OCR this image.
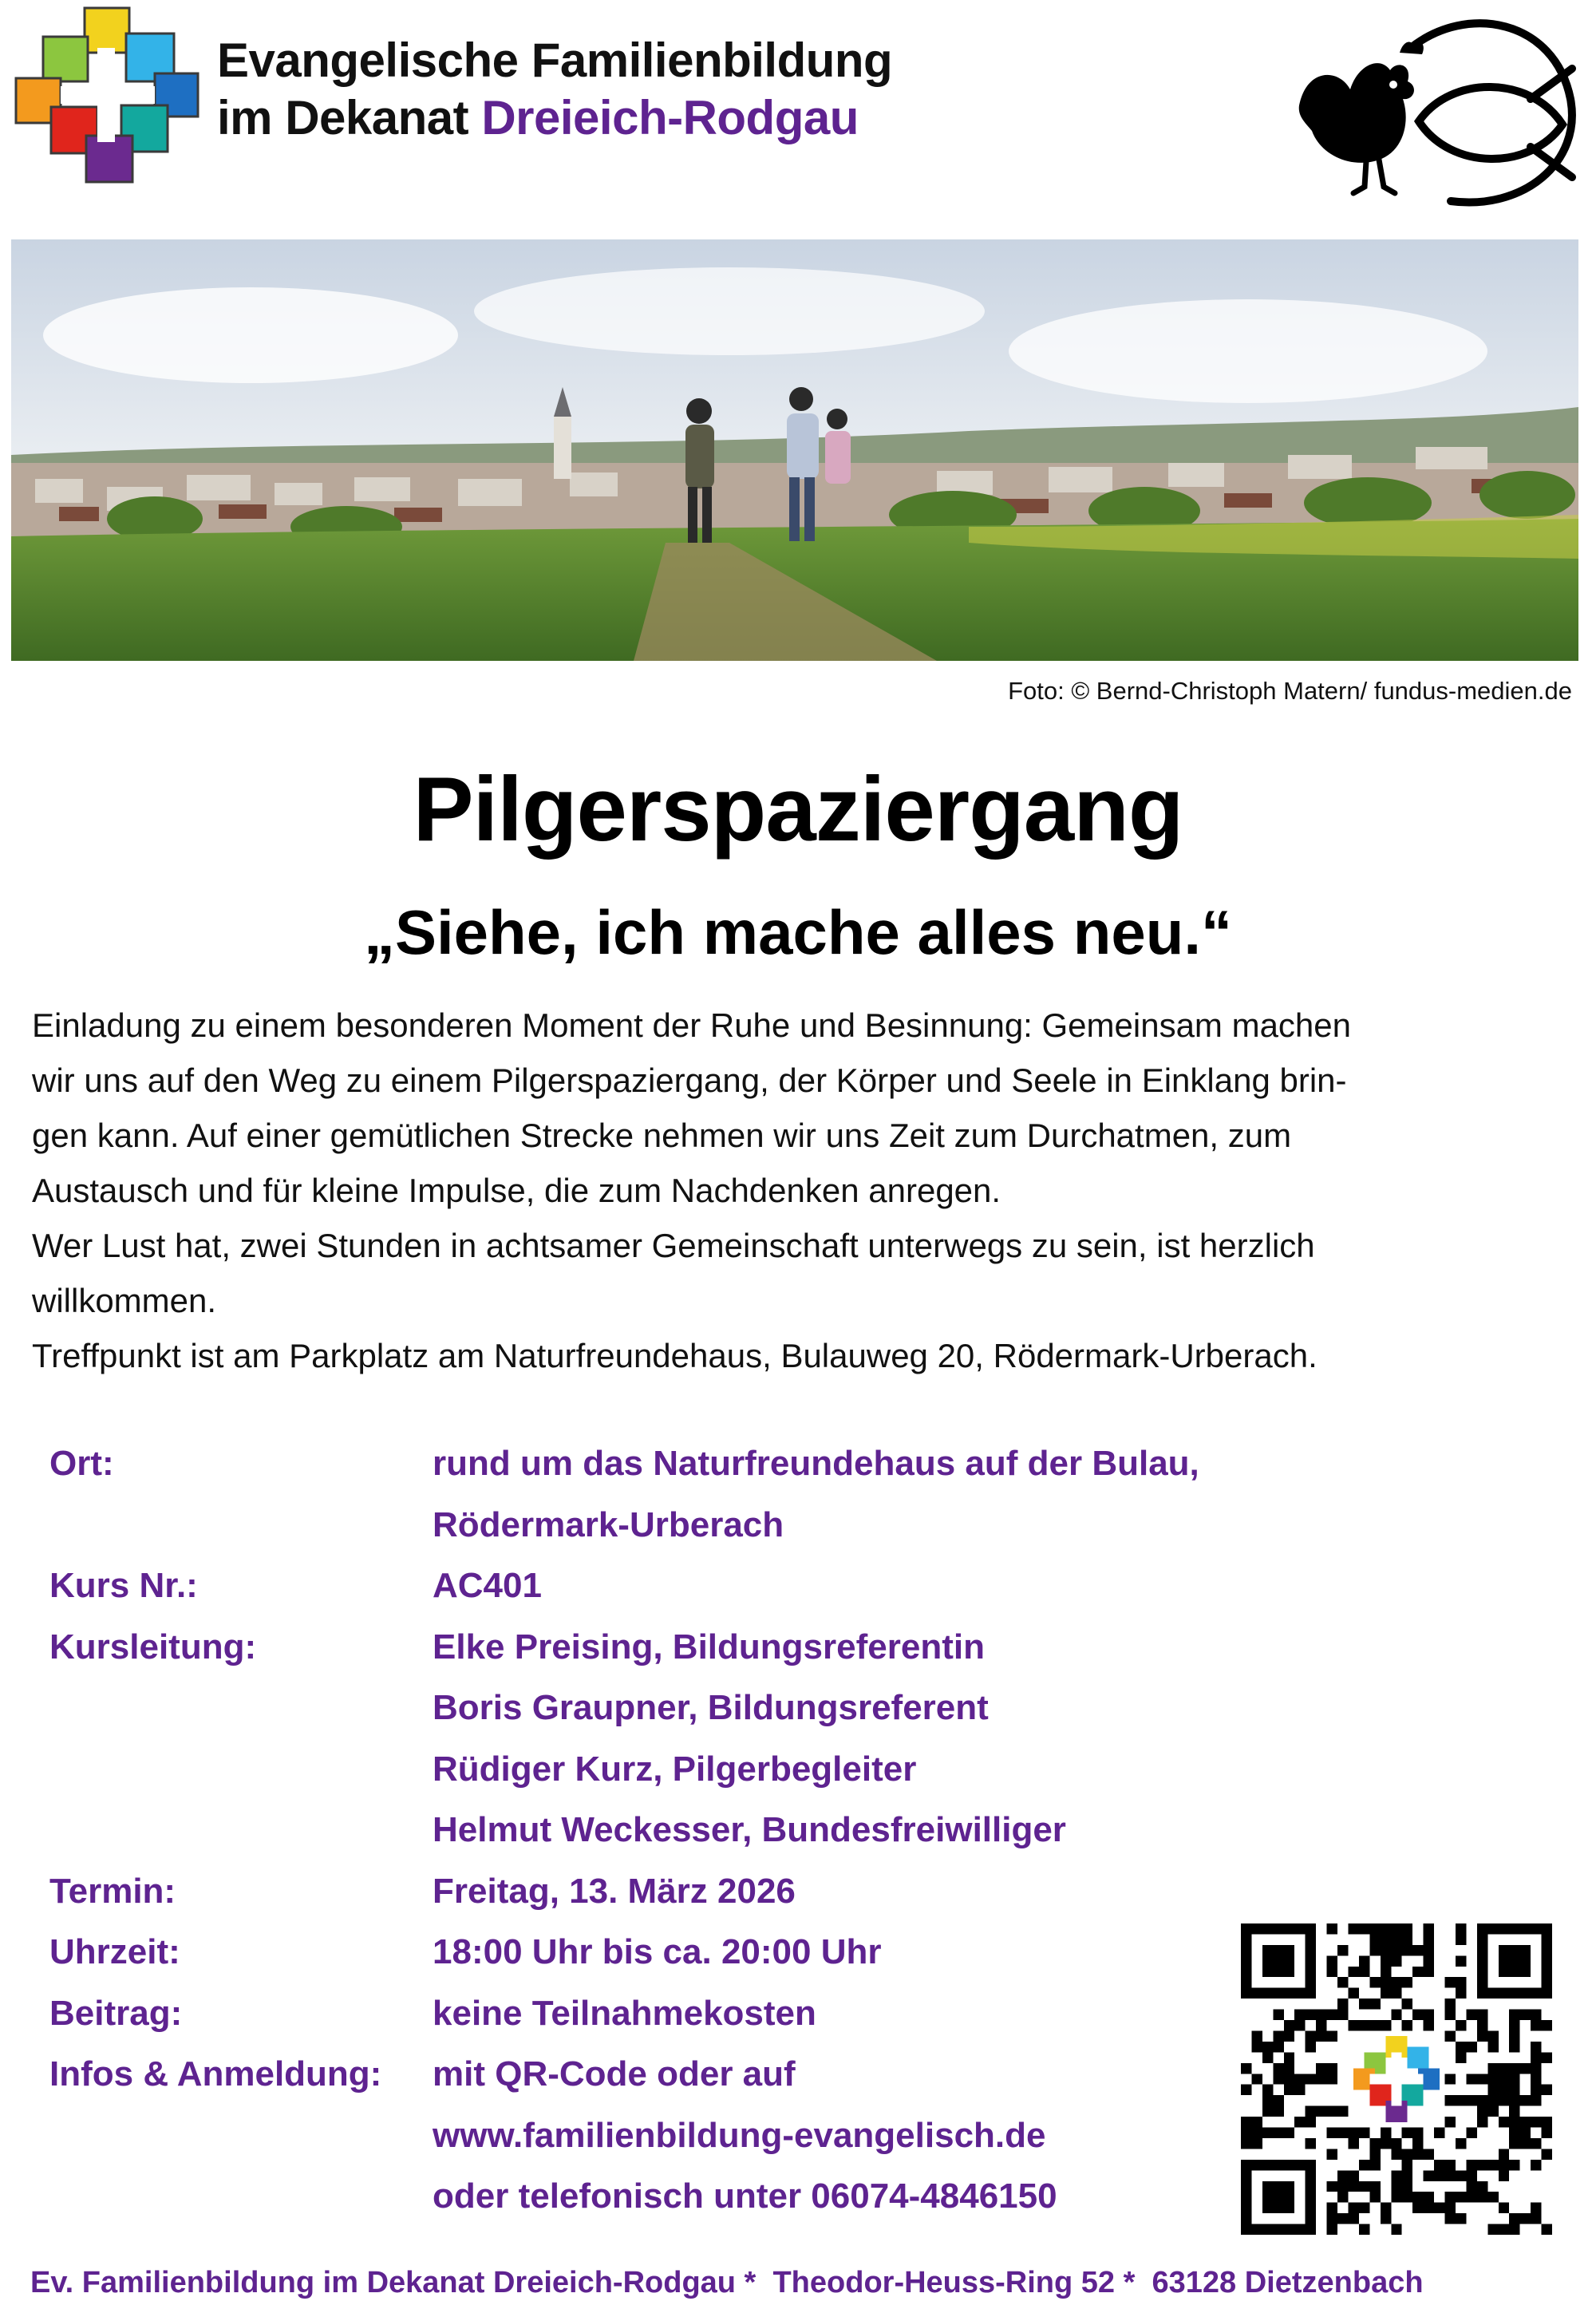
Evangelische Familienbildung
im Dekanat Dreieich-Rodgau
Foto: © Bernd-Christoph Matern/ fundus-medien.de
Pilgerspaziergang
„Siehe, ich mache alles neu.“

Einladung zu einem besonderen Moment der Ruhe und Besinnung: Gemeinsam machen

wir uns auf den Weg zu einem Pilgerspaziergang, der Körper und Seele in Einklang brin-

gen kann. Auf einer gemütlichen Strecke nehmen wir uns Zeit zum Durchatmen, zum

Austausch und für kleine Impulse, die zum Nachdenken anregen.

Wer Lust hat, zwei Stunden in achtsamer Gemeinschaft unterwegs zu sein, ist herzlich

willkommen.

Treffpunkt ist am Parkplatz am Naturfreundehaus, Bulauweg 20, Rödermark-Urberach.

Ort:	rund um das Naturfreundehaus auf der Bulau,
Rödermark-Urberach
Kurs Nr.:	AC401
Kursleitung:	Elke Preising, Bildungsreferentin
Boris Graupner, Bildungsreferent
Rüdiger Kurz, Pilgerbegleiter
Helmut Weckesser, Bundesfreiwilliger
Termin:	Freitag, 13. März 2026
Uhrzeit:	18:00 Uhr bis ca. 20:00 Uhr
Beitrag:	keine Teilnahmekosten
Infos & Anmeldung:	mit QR-Code oder auf
www.familienbildung-evangelisch.de
oder telefonisch unter 06074-4846150
Ev. Familienbildung im Dekanat Dreieich-Rodgau *  Theodor-Heuss-Ring 52 *  63128 Dietzenbach
